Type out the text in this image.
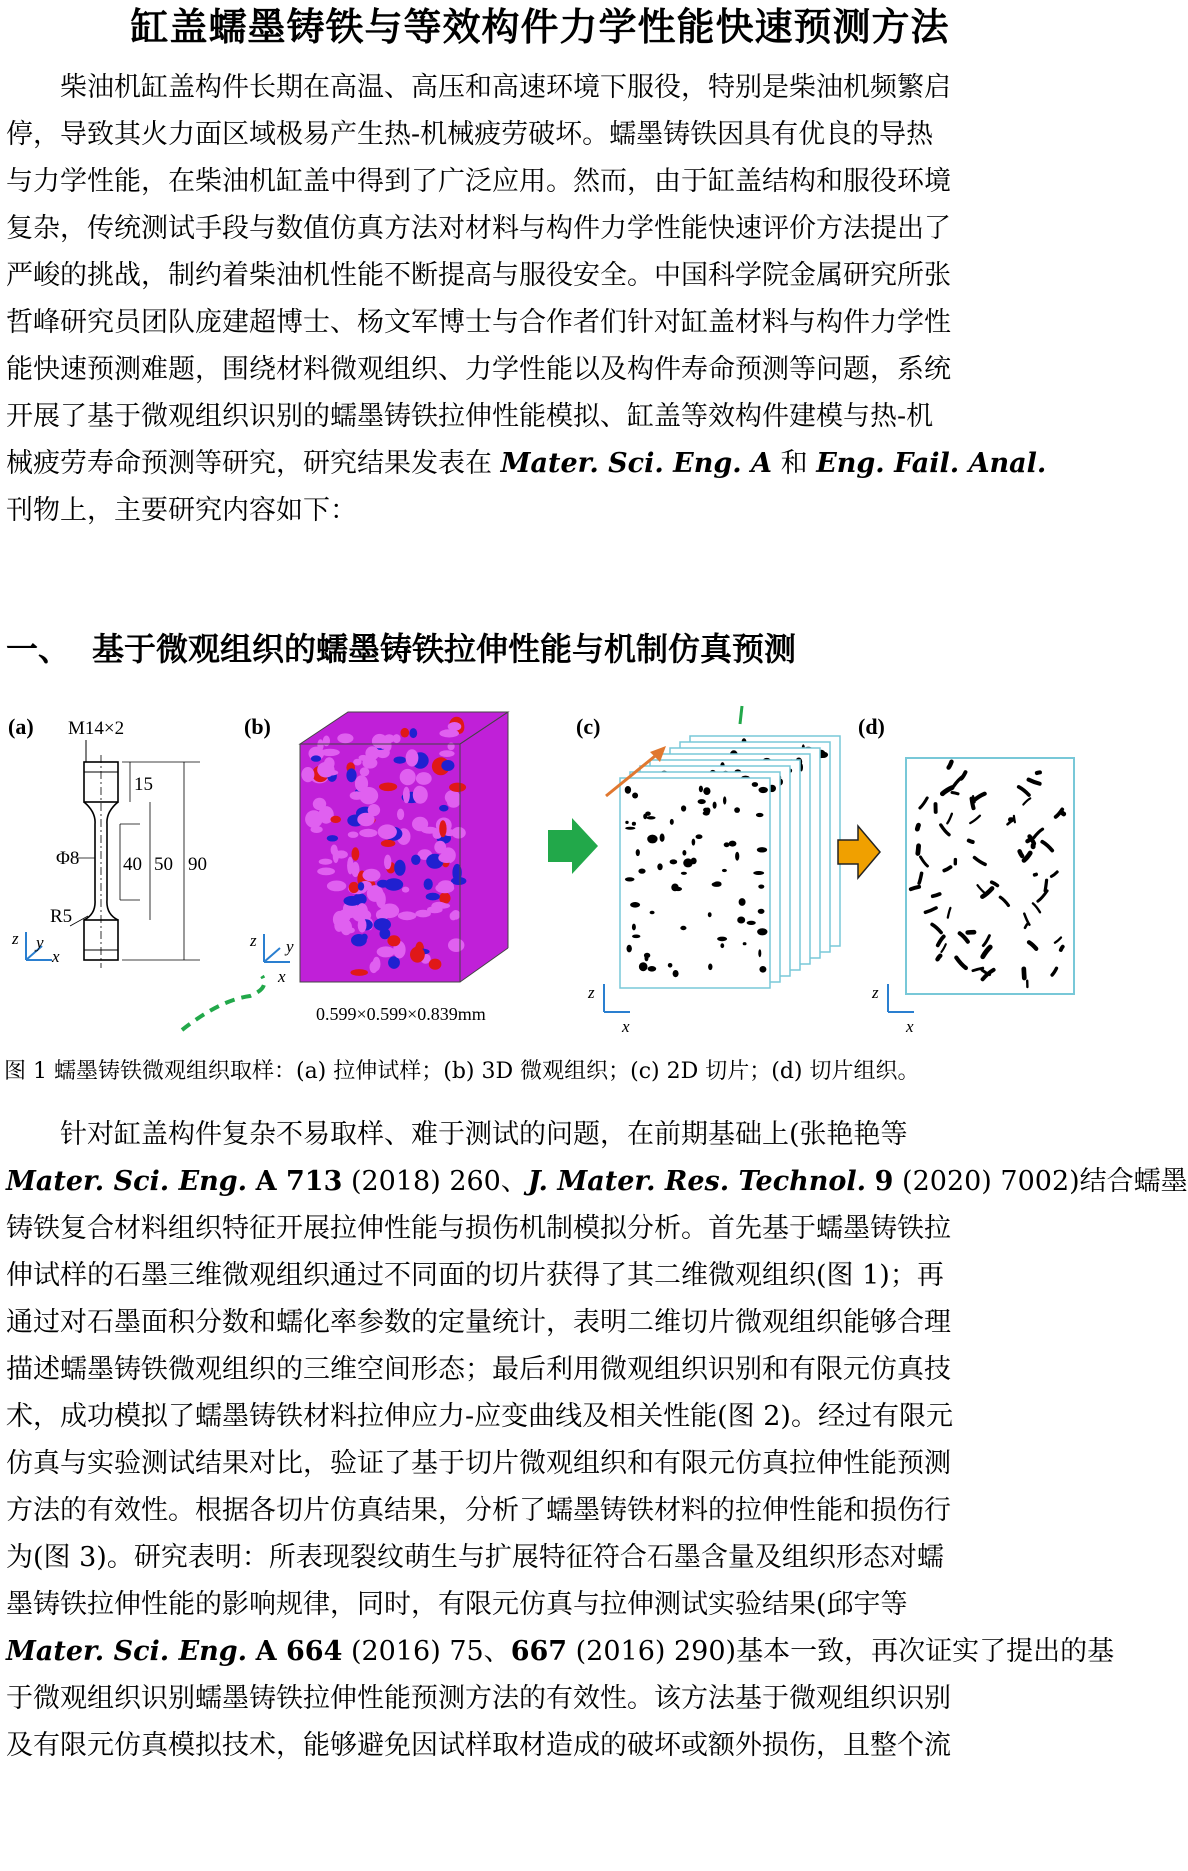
缸盖蠕墨铸铁与等效构件力学性能快速预测方法
柴油机缸盖构件长期在高温、高压和高速环境下服役，特别是柴油机频繁启
停，导致其火力面区域极易产生热-机械疲劳破坏。蠕墨铸铁因具有优良的导热
与力学性能，在柴油机缸盖中得到了广泛应用。然而，由于缸盖结构和服役环境
复杂，传统测试手段与数值仿真方法对材料与构件力学性能快速评价方法提出了
严峻的挑战，制约着柴油机性能不断提高与服役安全。中国科学院金属研究所张
哲峰研究员团队庞建超博士、杨文军博士与合作者们针对缸盖材料与构件力学性
能快速预测难题，围绕材料微观组织、力学性能以及构件寿命预测等问题，系统
开展了基于微观组织识别的蠕墨铸铁拉伸性能模拟、缸盖等效构件建模与热-机
械疲劳寿命预测等研究，研究结果发表在 Mater. Sci. Eng. A 和 Eng. Fail. Anal.
刊物上，主要研究内容如下：
一、 基于微观组织的蠕墨铸铁拉伸性能与机制仿真预测
(a) M14×2
15
40 50 90
Φ8
R5
z y
x
(b)
z y
x
0.599×0.599×0.839mm
(c)
z
x
(d)
z
x
图 1 蠕墨铸铁微观组织取样：(a) 拉伸试样；(b) 3D 微观组织；(c) 2D 切片；(d) 切片组织。
针对缸盖构件复杂不易取样、难于测试的问题，在前期基础上(张艳艳等
Mater. Sci. Eng. A 713 (2018) 260、J. Mater. Res. Technol. 9 (2020) 7002)结合蠕墨
铸铁复合材料组织特征开展拉伸性能与损伤机制模拟分析。首先基于蠕墨铸铁拉
伸试样的石墨三维微观组织通过不同面的切片获得了其二维微观组织(图 1)；再
通过对石墨面积分数和蠕化率参数的定量统计，表明二维切片微观组织能够合理
描述蠕墨铸铁微观组织的三维空间形态；最后利用微观组织识别和有限元仿真技
术，成功模拟了蠕墨铸铁材料拉伸应力-应变曲线及相关性能(图 2)。经过有限元
仿真与实验测试结果对比，验证了基于切片微观组织和有限元仿真拉伸性能预测
方法的有效性。根据各切片仿真结果，分析了蠕墨铸铁材料的拉伸性能和损伤行
为(图 3)。研究表明：所表现裂纹萌生与扩展特征符合石墨含量及组织形态对蠕
墨铸铁拉伸性能的影响规律，同时，有限元仿真与拉伸测试实验结果(邱宇等
Mater. Sci. Eng. A 664 (2016) 75、667 (2016) 290)基本一致，再次证实了提出的基
于微观组织识别蠕墨铸铁拉伸性能预测方法的有效性。该方法基于微观组织识别
及有限元仿真模拟技术，能够避免因试样取材造成的破坏或额外损伤，且整个流
